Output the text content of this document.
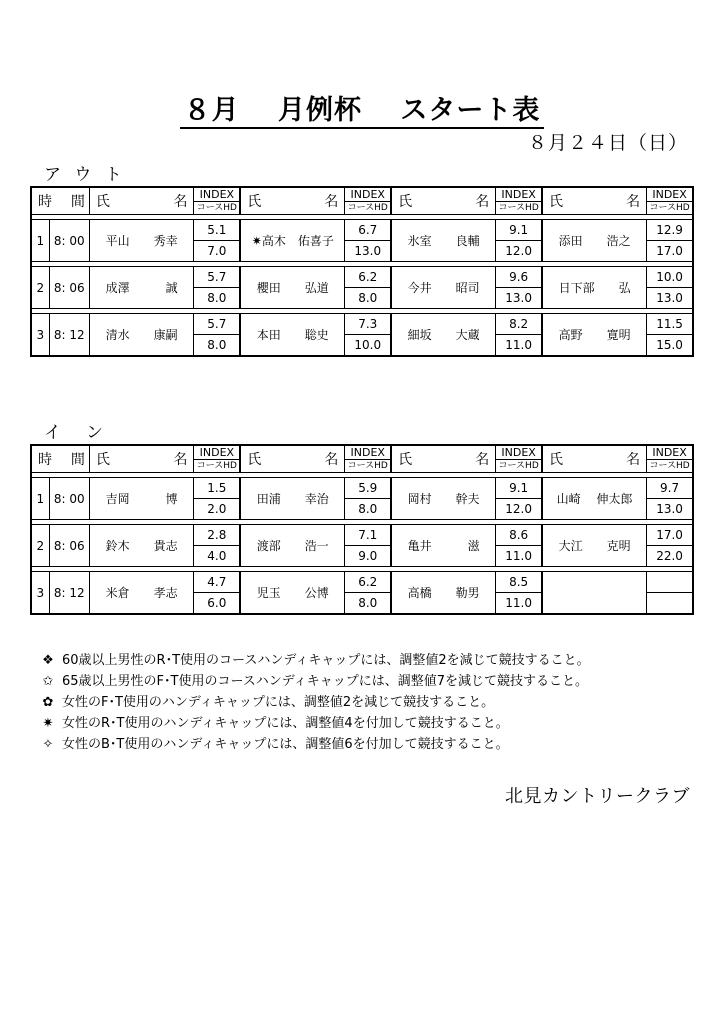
８月　 月例杯　 スタート表
８月２４日（日）
ア ウ ト
時 間		氏 名	INDEX	氏 名	INDEX	氏 名	INDEX	氏 名	INDEX
			コースHD		コースHD		コースHD		コースHD

1	8: 00	平山　　秀幸	5.1	✷高木　佑喜子	6.7	氷室　　良輔	9.1	添田　　浩之	12.9
			7.0		13.0		12.0		17.0

2	8: 06	成澤　　　誠	5.7	櫻田　　弘道	6.2	今井　　昭司	9.6	日下部　　弘	10.0
			8.0		8.0		13.0		13.0

3	8: 12	清水　　康嗣	5.7	本田　　聡史	7.3	細坂　　大蔵	8.2	高野　　寛明	11.5
			8.0		10.0		11.0		15.0
イ　ン
時 間		氏 名	INDEX	氏 名	INDEX	氏 名	INDEX	氏 名	INDEX
			コースHD		コースHD		コースHD		コースHD

1	8: 00	吉岡　　　博	1.5	田浦　　幸治	5.9	岡村　　幹夫	9.1	山崎　 伸太郎	9.7
			2.0		8.0		12.0		13.0

2	8: 06	鈴木　　貴志	2.8	渡部　　浩一	7.1	亀井　　　滋	8.6	大江　　克明	17.0
			4.0		9.0		11.0		22.0

3	8: 12	米倉　　孝志	4.7	児玉　　公博	6.2	高橋　　勒男	8.5		
			6.0		8.0		11.0		
❖ 60歳以上男性のR･T使用のコースハンディキャップには、調整値2を減じて競技すること。
✩ 65歳以上男性のF･T使用のコースハンディキャップには、調整値7を減じて競技すること。
✿ 女性のF･T使用のハンディキャップには、調整値2を減じて競技すること。
✷ 女性のR･T使用のハンディキャップには、調整値4を付加して競技すること。
✧ 女性のB･T使用のハンディキャップには、調整値6を付加して競技すること。
北見カントリークラブ
